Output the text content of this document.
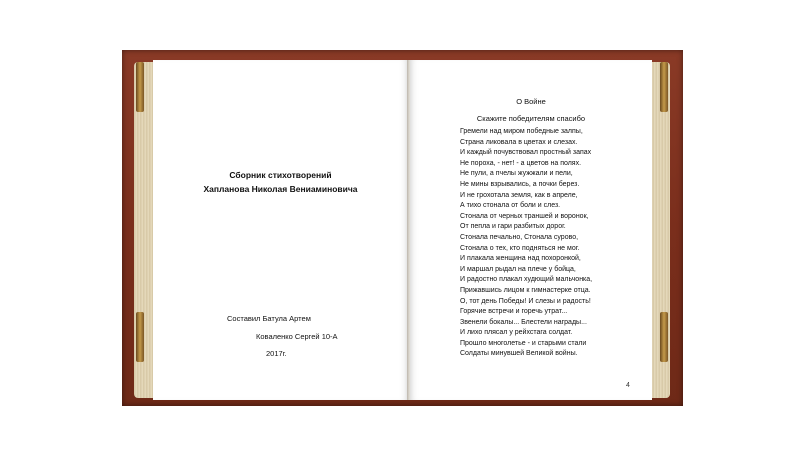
Сборник стихотворений
Хапланова Николая Вениаминовича
Составил Батула Артем
Коваленко Сергей 10-А
2017г.
О Войне
Скажите победителям спасибо
Гремели над миром победные залпы,
Страна ликовала в цветах и слезах.
И каждый почувствовал простный запах
Не пороха, - нет! - а цветов на полях.
Не пули, а пчелы жужжали и пели,
Не мины взрывались, а почки берез.
И не грохотала земля, как в апреле,
А тихо стонала от боли и слез.
Стонала от черных траншей и воронок,
От пепла и гари разбитых дорог.
Стонала печально, Стонала сурово,
Стонала о тех, кто подняться не мог.
И плакала женщина над похоронкой,
И маршал рыдал на плече у бойца,
И радостно плакал худющий мальчонка,
Прижавшись лицом к гимнастерке отца.
О, тот день Победы! И слезы и радость!
Горячие встречи и горечь утрат...
Звенели бокалы... Блестели награды...
И лихо плясал у рейхстага солдат.
Прошло многолетье - и старыми стали
Солдаты минувшей Великой войны.
4
